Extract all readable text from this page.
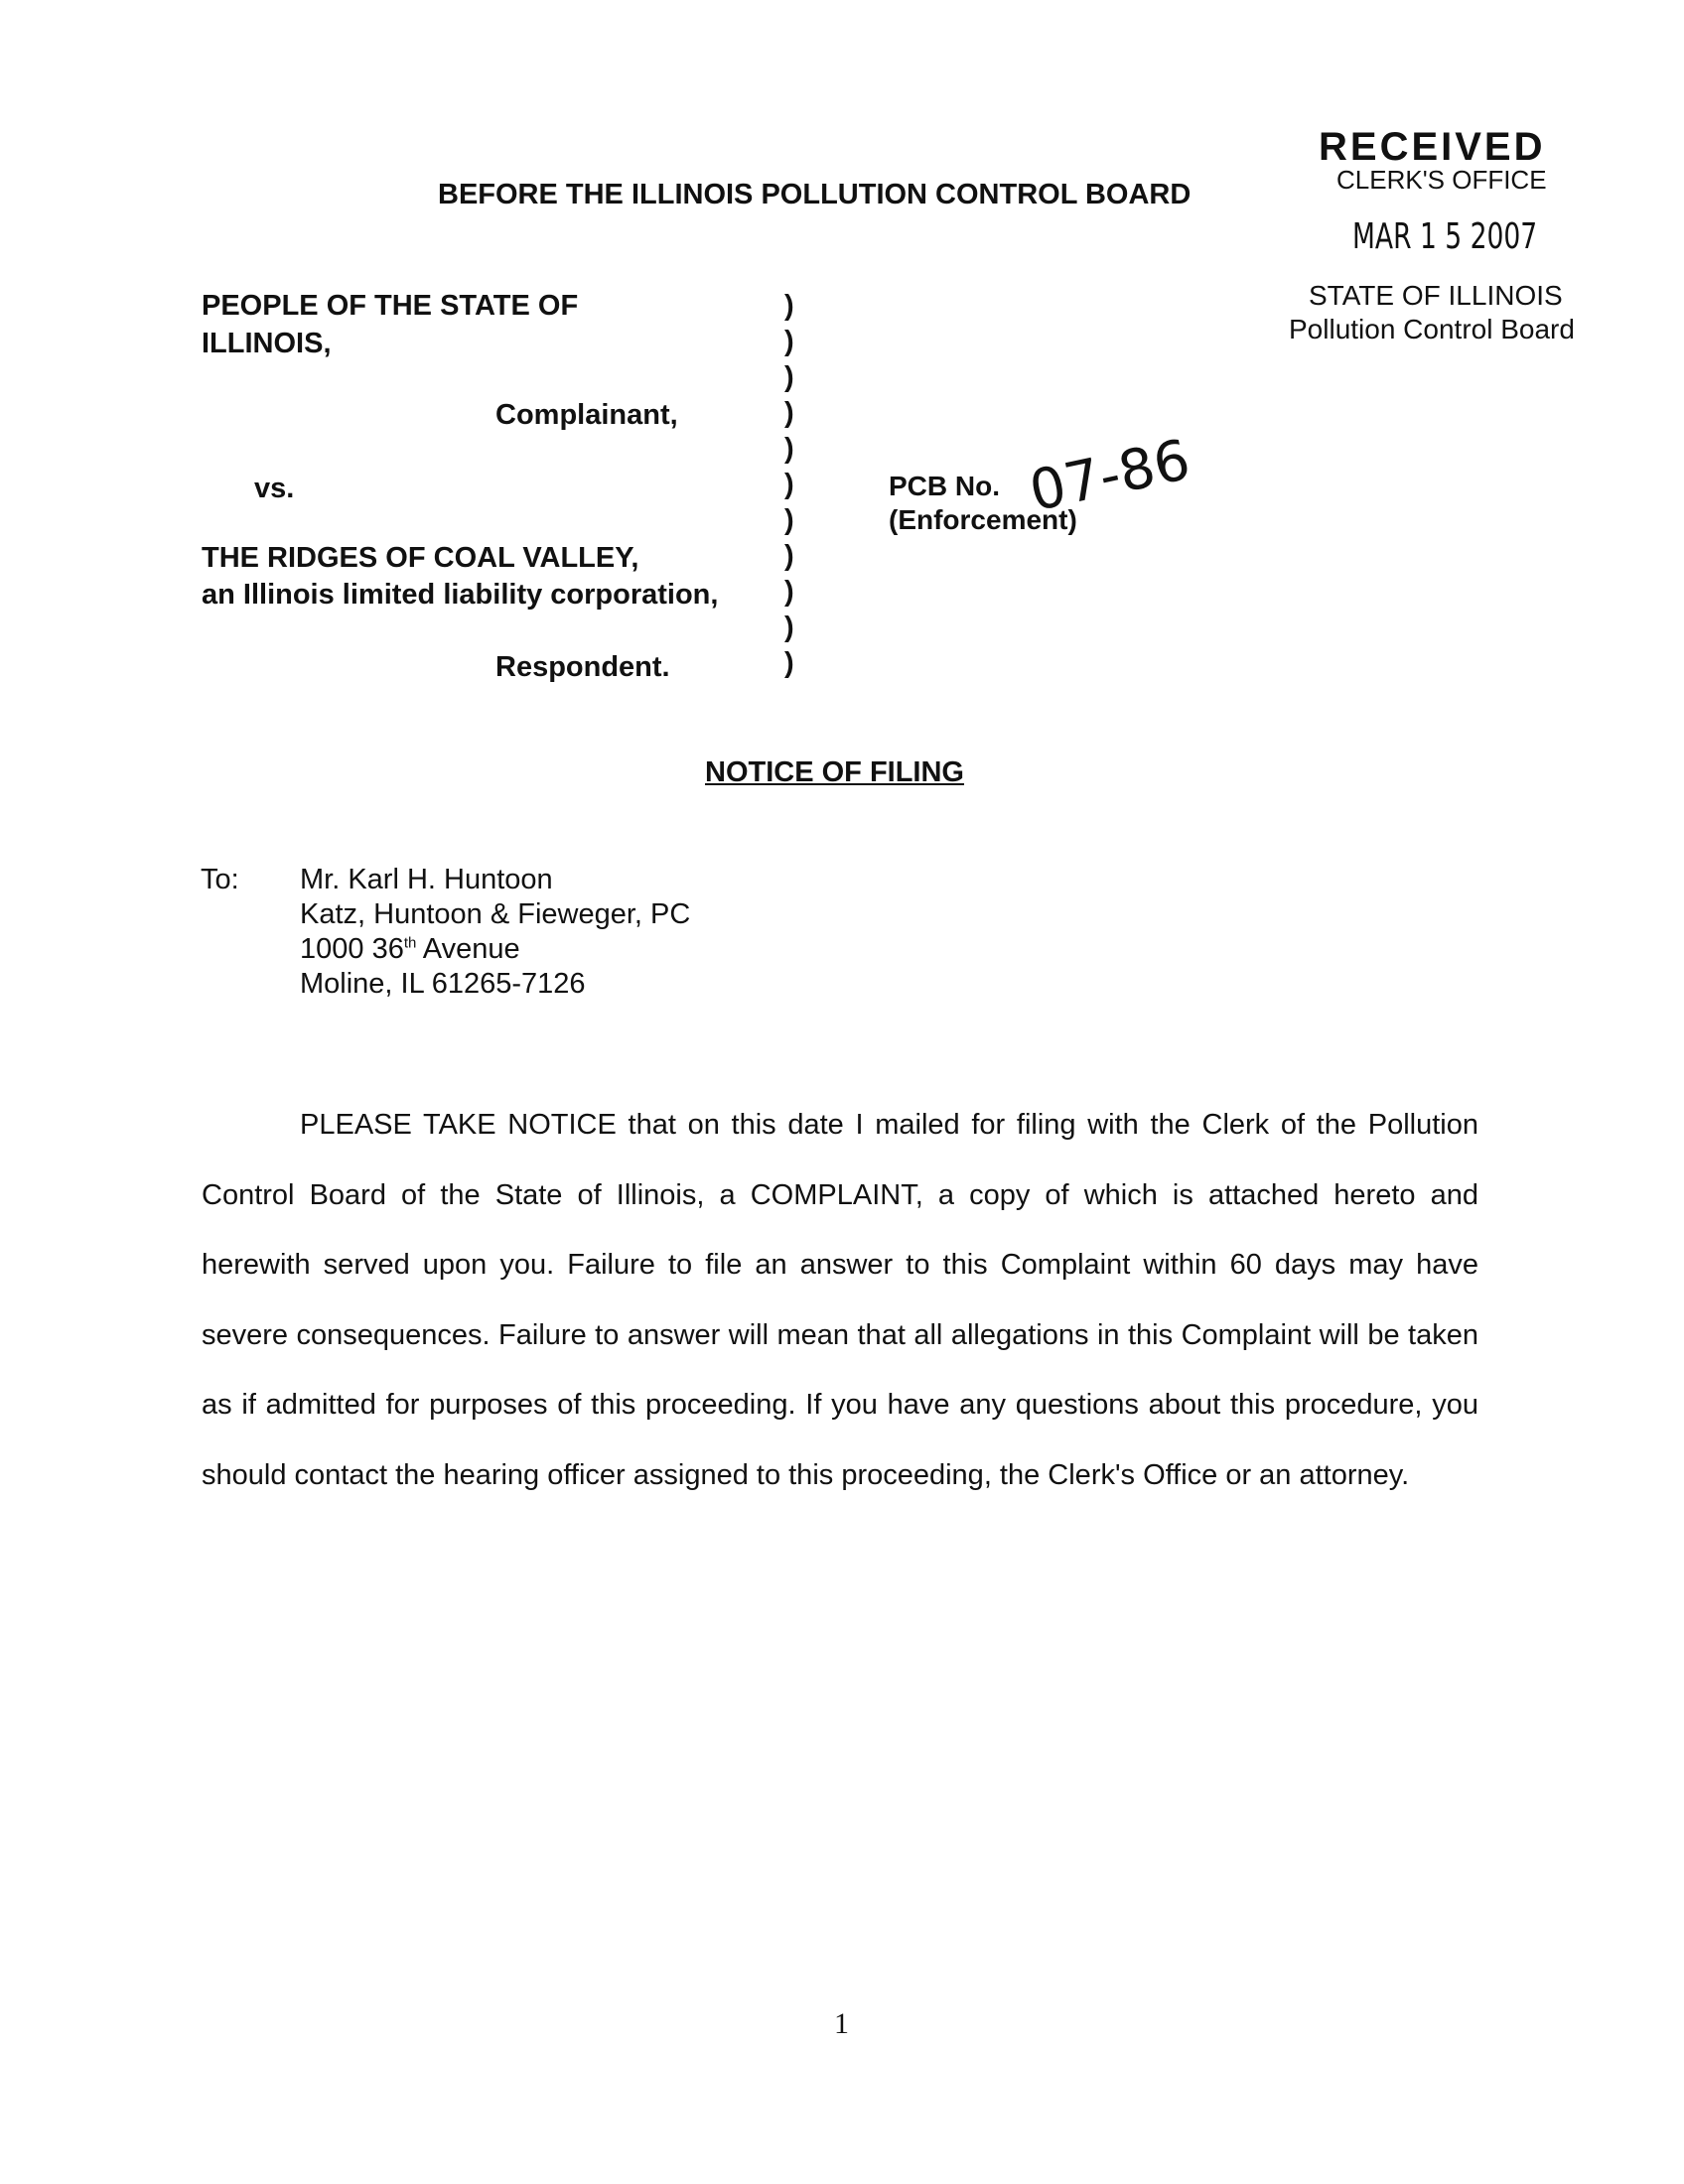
RECEIVED
CLERK'S OFFICE
MAR 1 5 2007
STATE OF ILLINOIS
Pollution Control Board
BEFORE THE ILLINOIS POLLUTION CONTROL BOARD
PEOPLE OF THE STATE OF
ILLINOIS,
Complainant,
vs.
THE RIDGES OF COAL VALLEY,
an Illinois limited liability corporation,
Respondent.
)
)
)
)
)
)
)
)
)
)
)
PCB No. 07-86
(Enforcement)
NOTICE OF FILING
To: Mr. Karl H. Huntoon
Katz, Huntoon & Fieweger, PC
1000 36th Avenue
Moline, IL 61265-7126
PLEASE TAKE NOTICE that on this date I mailed for filing with the Clerk of the Pollution Control Board of the State of Illinois, a COMPLAINT, a copy of which is attached hereto and herewith served upon you. Failure to file an answer to this Complaint within 60 days may have severe consequences. Failure to answer will mean that all allegations in this Complaint will be taken as if admitted for purposes of this proceeding. If you have any questions about this procedure, you should contact the hearing officer assigned to this proceeding, the Clerk's Office or an attorney.
1
